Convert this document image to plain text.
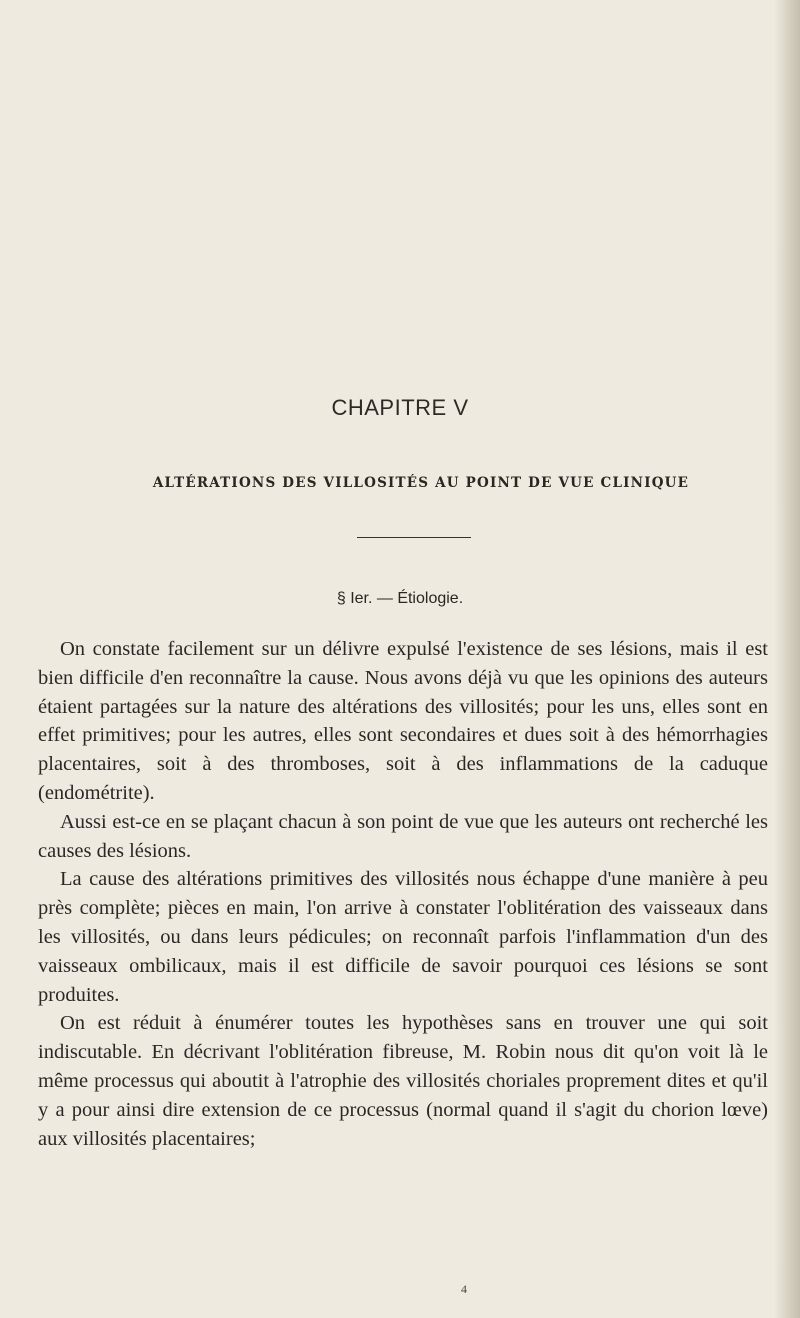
CHAPITRE V
ALTÉRATIONS DES VILLOSITÉS AU POINT DE VUE CLINIQUE
§ Ier. — Étiologie.

On constate facilement sur un délivre expulsé l'existence de ses lésions, mais il est bien difficile d'en reconnaître la cause. Nous avons déjà vu que les opinions des auteurs étaient partagées sur la nature des altérations des villosités; pour les uns, elles sont en effet primitives; pour les autres, elles sont secondaires et dues soit à des hémorrhagies placentaires, soit à des thromboses, soit à des inflammations de la caduque (endométrite).

Aussi est-ce en se plaçant chacun à son point de vue que les auteurs ont recherché les causes des lésions.

La cause des altérations primitives des villosités nous échappe d'une manière à peu près complète; pièces en main, l'on arrive à constater l'oblitération des vaisseaux dans les villosités, ou dans leurs pédicules; on reconnaît parfois l'inflammation d'un des vaisseaux ombilicaux, mais il est difficile de savoir pourquoi ces lésions se sont produites.

On est réduit à énumérer toutes les hypothèses sans en trouver une qui soit indiscutable. En décrivant l'oblitération fibreuse, M. Robin nous dit qu'on voit là le même processus qui aboutit à l'atrophie des villosités choriales proprement dites et qu'il y a pour ainsi dire extension de ce processus (normal quand il s'agit du chorion lœve) aux villosités placentaires;

4
